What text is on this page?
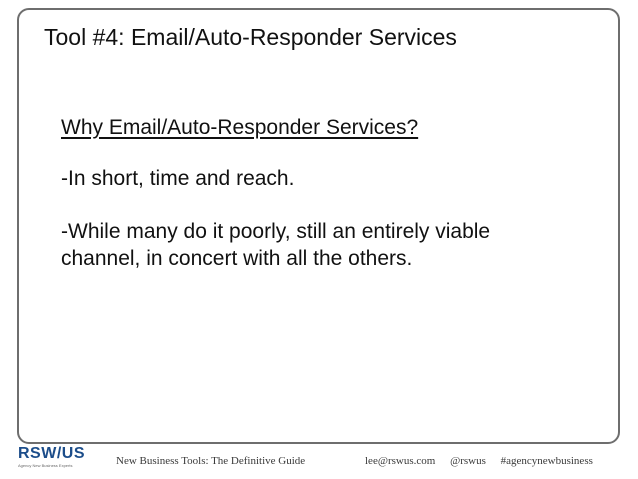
Tool #4: Email/Auto-Responder Services
Why Email/Auto-Responder Services?
-In short, time and reach.
-While many do it poorly, still an entirely viable channel, in concert with all the others.
RSW/US
Agency New Business Experts	New Business Tools: The Definitive Guide	lee@rswus.com @rswus #agencynewbusiness
